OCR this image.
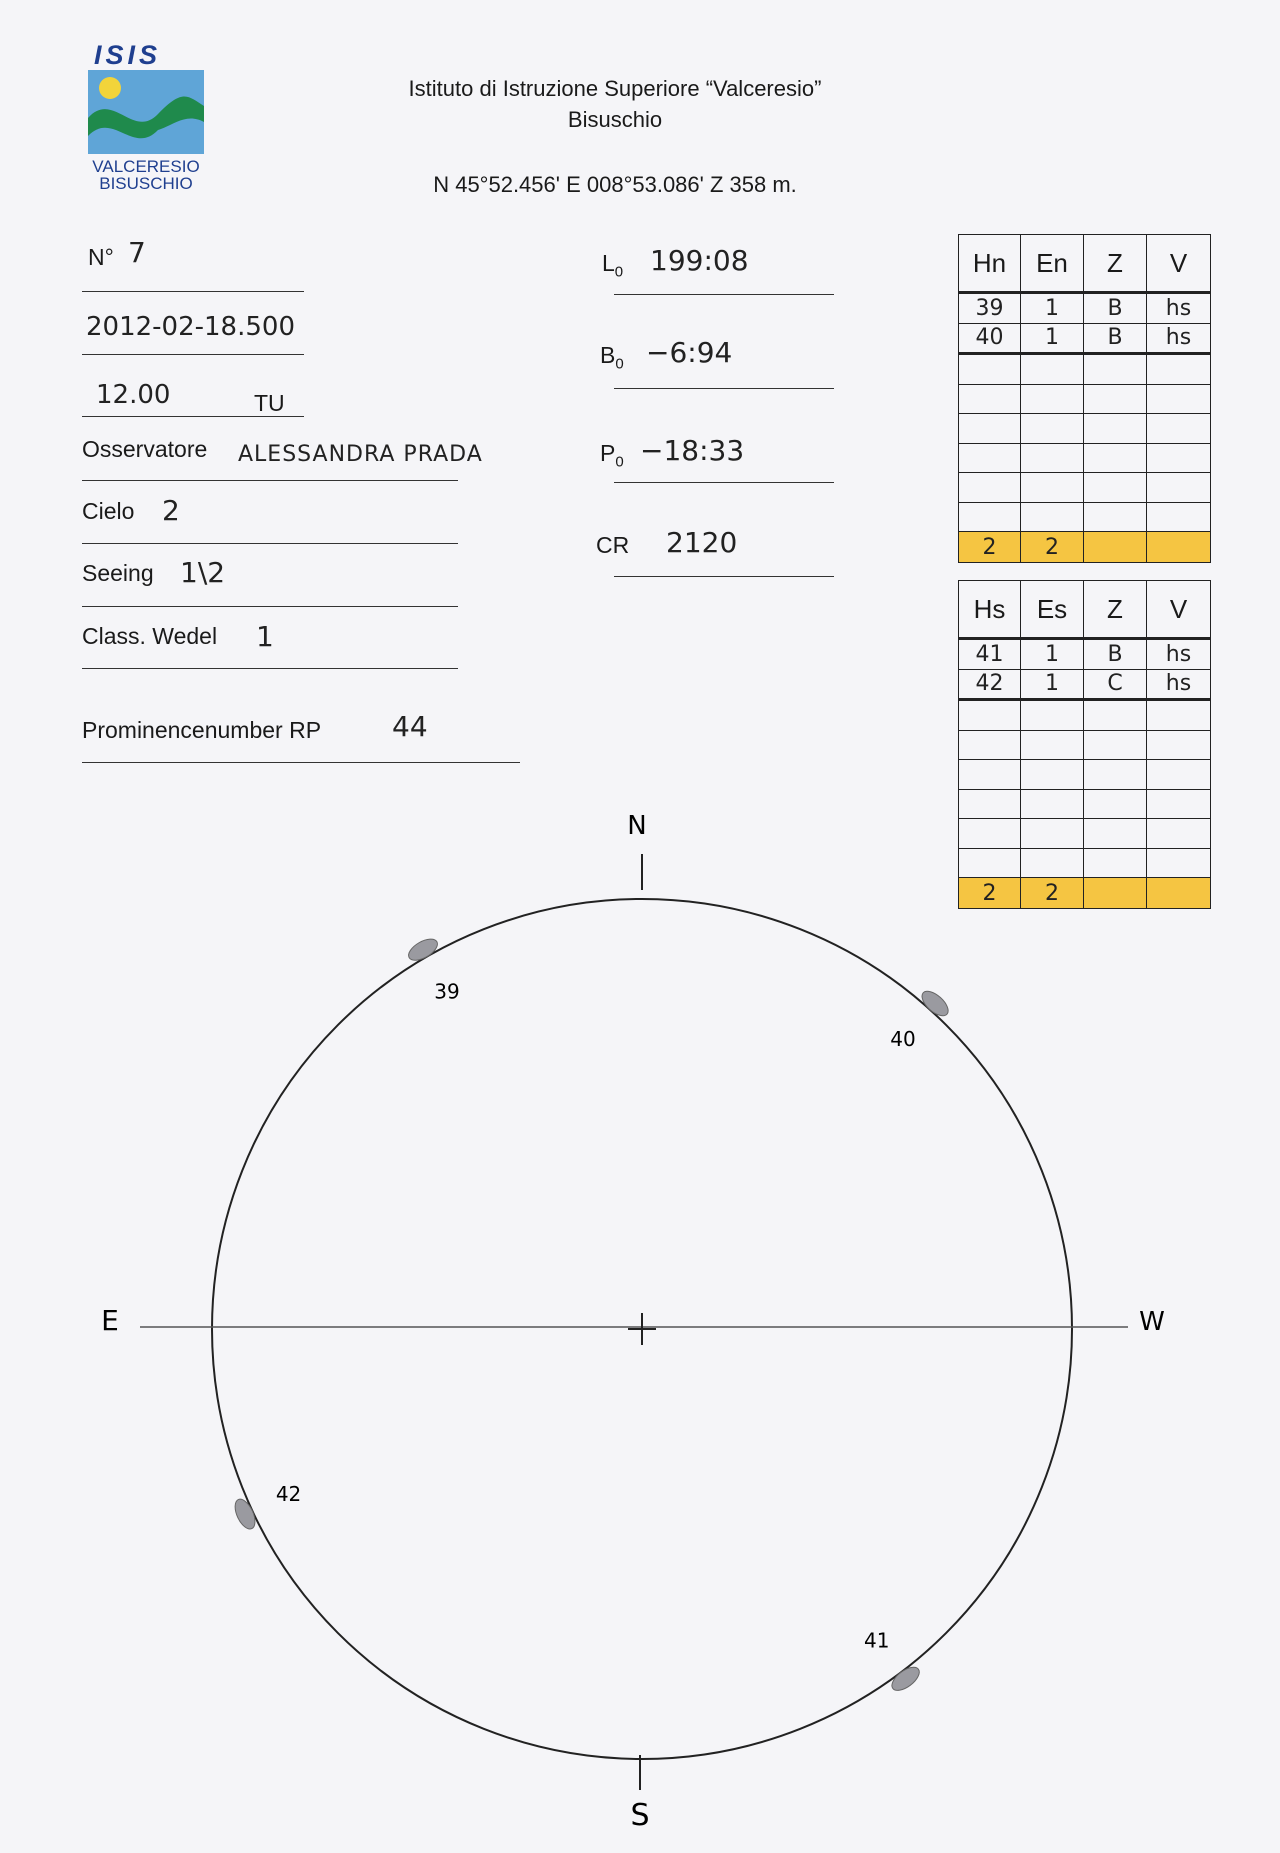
ISIS
VALCERESIO
BISUSCHIO
Istituto di Istruzione Superiore “Valceresio”
Bisuschio
N 45°52.456' E 008°53.086' Z 358 m.
N° 7
2012-02-18.500
12.00	TU
Osservatore ALESSANDRA PRADA
Cielo 2
Seeing 1\2
Class. Wedel 1
Prominencenumber RP	44
$L_0$ 199:08
$B_0$ −6:94
$P_0$ −18:33
CR 2120
Hn	En	Z	V
39	1	B	hs
40	1	B	hs

2	2		
Hs	Es	Z	V
41	1	B	hs
42	1	C	hs

2	2		
N
S
E	W
39
40
41
42
